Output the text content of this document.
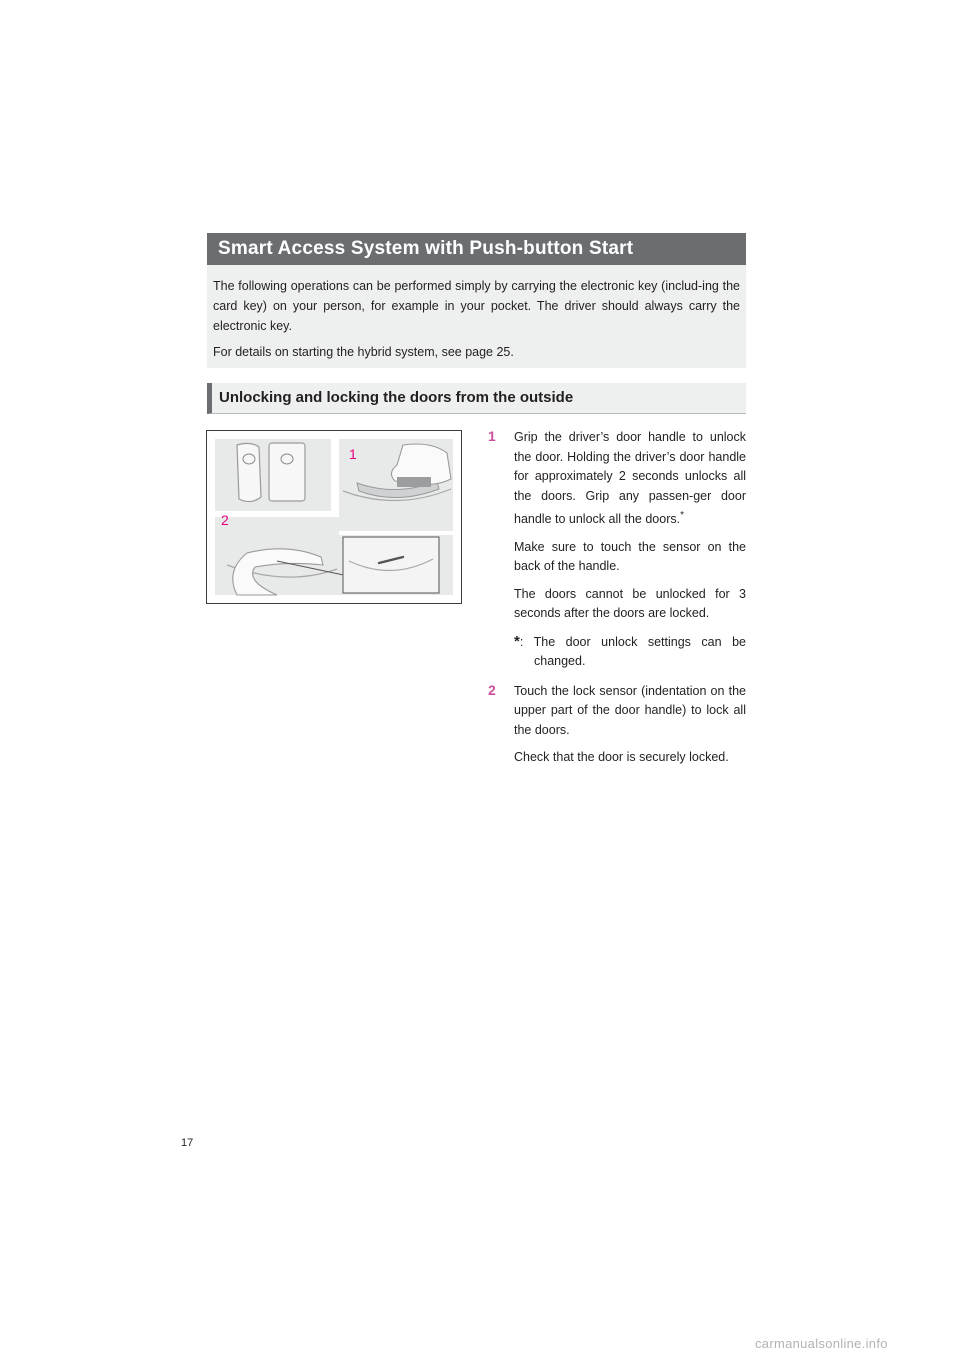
Smart Access System with Push-button Start

The following operations can be performed simply by carrying the electronic key (includ-ing the card key) on your person, for example in your pocket. The driver should always carry the electronic key.

For details on starting the hybrid system, see page 25.

Unlocking and locking the doors from the outside
1
2
1 Grip the driver’s door handle to unlock the door. Holding the driver’s door handle for approximately 2 seconds unlocks all the doors. Grip any passen-ger door handle to unlock all the doors.*
Make sure to touch the sensor on the back of the handle.
The doors cannot be unlocked for 3 seconds after the doors are locked.
*: The door unlock settings can be changed.
2 Touch the lock sensor (indentation on the upper part of the door handle) to lock all the doors.
Check that the door is securely locked.
17
carmanualsonline.info
